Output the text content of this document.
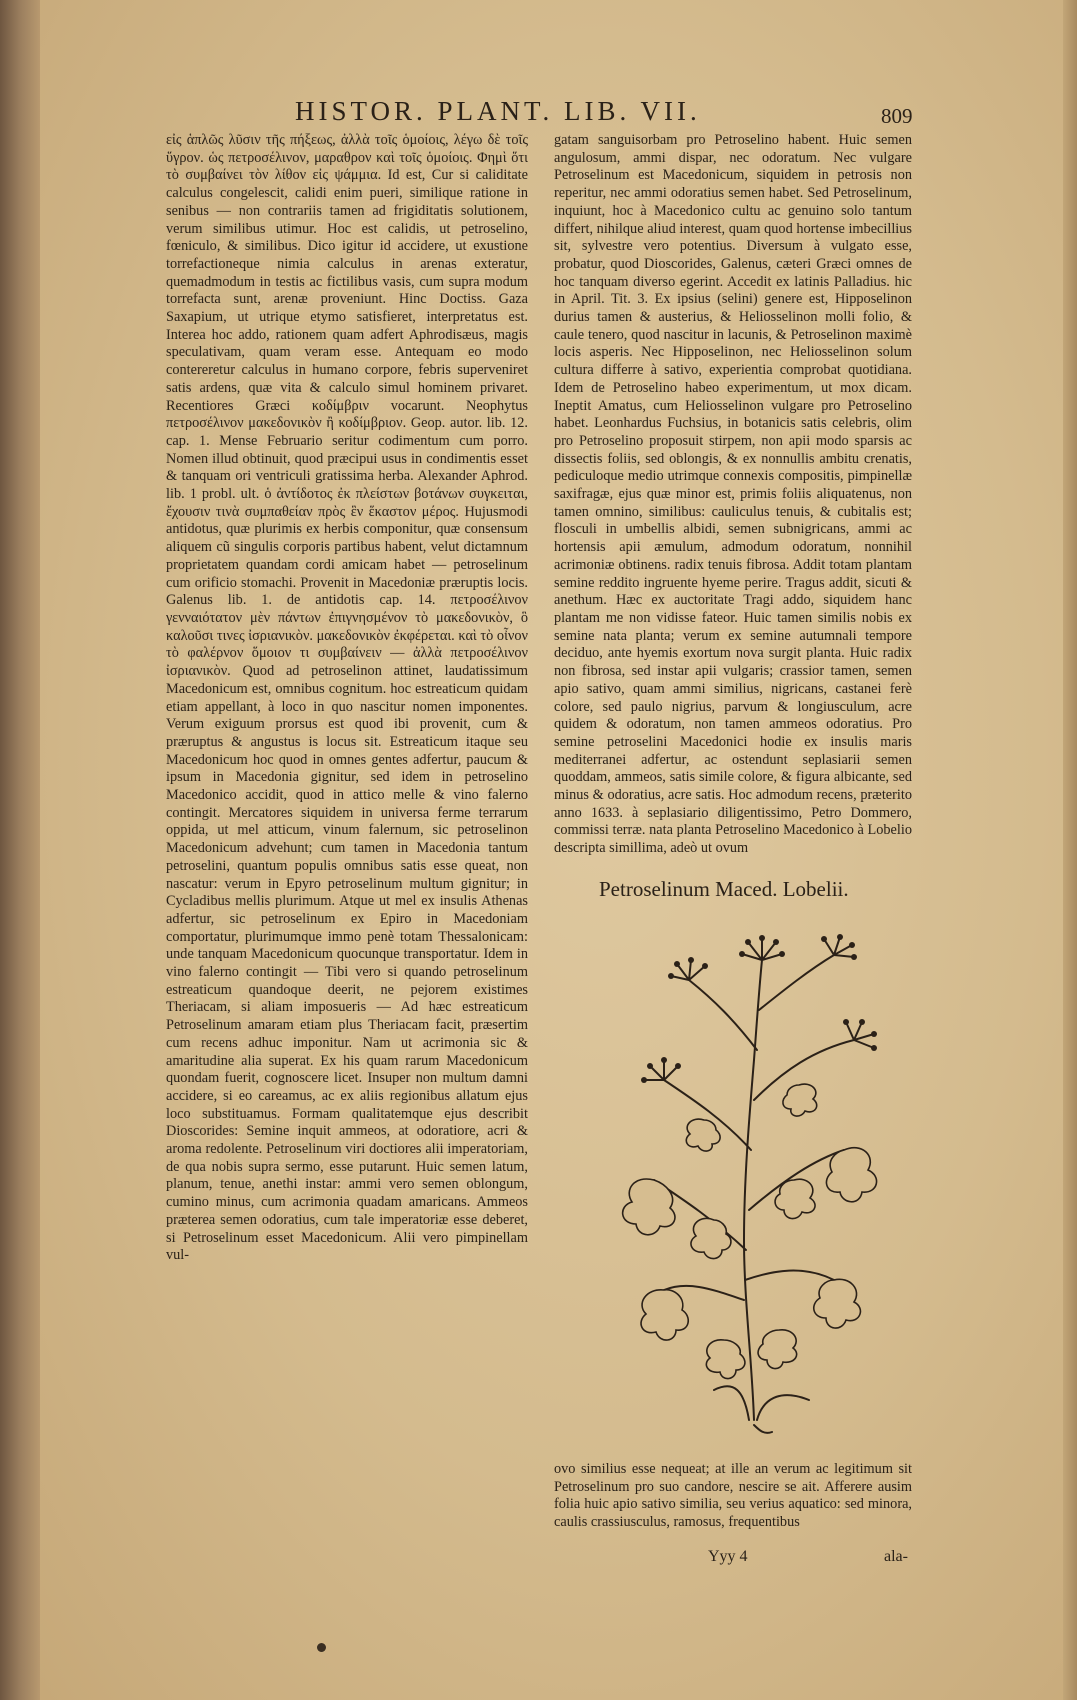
HISTOR. PLANT. LIB. VII.	809

εἰς ἁπλῶς λῦσιν τῆς πήξεως, ἀλλὰ τοῖς ὁμοίοις, λέγω δὲ τοῖς ὕγρον. ὡς πετροσέλινον, μαραθρον καὶ τοῖς ὁμοίοις. Φημὶ ὅτι τὸ συμβαίνει τὸν λίθον εἰς ψάμμια. Id est, Cur si caliditate calculus congelescit, calidi enim pueri, similique ratione in senibus — non contrariis tamen ad frigiditatis solutionem, verum similibus utimur. Hoc est calidis, ut petroselino, fœniculo, & similibus. Dico igitur id accidere, ut exustione torrefactioneque nimia calculus in arenas exteratur, quemadmodum in testis ac fictilibus vasis, cum supra modum torrefacta sunt, arenæ proveniunt. Hinc Doctiss. Gaza Saxapium, ut utrique etymo satisfieret, interpretatus est. Interea hoc addo, rationem quam adfert Aphrodisæus, magis speculativam, quam veram esse. Antequam eo modo contereretur calculus in humano corpore, febris superveniret satis ardens, quæ vita & calculo simul hominem privaret. Recentiores Græci κοδίμβριν vocarunt. Neophytus πετροσέλινον μακεδονικὸν ἢ κοδίμβριον. Geop. autor. lib. 12. cap. 1. Mense Februario seritur codimentum cum porro. Nomen illud obtinuit, quod præcipui usus in condimentis esset & tanquam ori ventriculi gratissima herba. Alexander Aphrod. lib. 1 probl. ult. ὁ ἀντίδοτος ἐκ πλείστων βοτάνων συγκειται, ἔχουσιν τινὰ συμπαθείαν πρὸς ἓν ἕκαστον μέρος. Hujusmodi antidotus, quæ plurimis ex herbis componitur, quæ consensum aliquem cũ singulis corporis partibus habent, velut dictamnum proprietatem quandam cordi amicam habet — petroselinum cum orificio stomachi. Provenit in Macedoniæ præruptis locis. Galenus lib. 1. de antidotis cap. 14. πετροσέλινον γενναιότατον μὲν πάντων ἐπιγνησμένον τὸ μακεδονικὸν, ὃ καλοῦσι τινες ἰσριανικὸν. μακεδονικὸν ἐκφέρεται. καὶ τὸ οἶνον τὸ φαλέρνον ὅμοιον τι συμβαίνειν — ἀλλὰ πετροσέλινον ἰσριανικὸν. Quod ad petroselinon attinet, laudatissimum Macedonicum est, omnibus cognitum. hoc estreaticum quidam etiam appellant, à loco in quo nascitur nomen imponentes. Verum exiguum prorsus est quod ibi provenit, cum & præruptus & angustus is locus sit. Estreaticum itaque seu Macedonicum hoc quod in omnes gentes adfertur, paucum & ipsum in Macedonia gignitur, sed idem in petroselino Macedonico accidit, quod in attico melle & vino falerno contingit. Mercatores siquidem in universa ferme terrarum oppida, ut mel atticum, vinum falernum, sic petroselinon Macedonicum advehunt; cum tamen in Macedonia tantum petroselini, quantum populis omnibus satis esse queat, non nascatur: verum in Epyro petroselinum multum gignitur; in Cycladibus mellis plurimum. Atque ut mel ex insulis Athenas adfertur, sic petroselinum ex Epiro in Macedoniam comportatur, plurimumque immo penè totam Thessalonicam: unde tanquam Macedonicum quocunque transportatur. Idem in vino falerno contingit — Tibi vero si quando petroselinum estreaticum quandoque deerit, ne pejorem existimes Theriacam, si aliam imposueris — Ad hæc estreaticum Petroselinum amaram etiam plus Theriacam facit, præsertim cum recens adhuc imponitur. Nam ut acrimonia sic & amaritudine alia superat. Ex his quam rarum Macedonicum quondam fuerit, cognoscere licet. Insuper non multum damni accidere, si eo careamus, ac ex aliis regionibus allatum ejus loco substituamus. Formam qualitatemque ejus describit Dioscorides: Semine inquit ammeos, at odoratiore, acri & aroma redolente. Petroselinum viri doctiores alii imperatoriam, de qua nobis supra sermo, esse putarunt. Huic semen latum, planum, tenue, anethi instar: ammi vero semen oblongum, cumino minus, cum acrimonia quadam amaricans. Ammeos præterea semen odoratius, cum tale imperatoriæ esse deberet, si Petroselinum esset Macedonicum. Alii vero pimpinellam vul-

gatam sanguisorbam pro Petroselino habent. Huic semen angulosum, ammi dispar, nec odoratum. Nec vulgare Petroselinum est Macedonicum, siquidem in petrosis non reperitur, nec ammi odoratius semen habet. Sed Petroselinum, inquiunt, hoc à Macedonico cultu ac genuino solo tantum differt, nihilque aliud interest, quam quod hortense imbecillius sit, sylvestre vero potentius. Diversum à vulgato esse, probatur, quod Dioscorides, Galenus, cæteri Græci omnes de hoc tanquam diverso egerint. Accedit ex latinis Palladius. hic in April. Tit. 3. Ex ipsius (selini) genere est, Hipposelinon durius tamen & austerius, & Heliosselinon molli folio, & caule tenero, quod nascitur in lacunis, & Petroselinon maximè locis asperis. Nec Hipposelinon, nec Heliosselinon solum cultura differre à sativo, experientia comprobat quotidiana. Idem de Petroselino habeo experimentum, ut mox dicam. Ineptit Amatus, cum Heliosselinon vulgare pro Petroselino habet. Leonhardus Fuchsius, in botanicis satis celebris, olim pro Petroselino proposuit stirpem, non apii modo sparsis ac dissectis foliis, sed oblongis, & ex nonnullis ambitu crenatis, pediculoque medio utrimque connexis compositis, pimpinellæ saxifragæ, ejus quæ minor est, primis foliis aliquatenus, non tamen omnino, similibus: cauliculus tenuis, & cubitalis est; flosculi in umbellis albidi, semen subnigricans, ammi ac hortensis apii æmulum, admodum odoratum, nonnihil acrimoniæ obtinens. radix tenuis fibrosa. Addit totam plantam semine reddito ingruente hyeme perire. Tragus addit, sicuti & anethum. Hæc ex auctoritate Tragi addo, siquidem hanc plantam me non vidisse fateor. Huic tamen similis nobis ex semine nata planta; verum ex semine autumnali tempore deciduo, ante hyemis exortum nova surgit planta. Huic radix non fibrosa, sed instar apii vulgaris; crassior tamen, semen apio sativo, quam ammi similius, nigricans, castanei ferè colore, sed paulo nigrius, parvum & longiusculum, acre quidem & odoratum, non tamen ammeos odoratius. Pro semine petroselini Macedonici hodie ex insulis maris mediterranei adfertur, ac ostendunt seplasiarii semen quoddam, ammeos, satis simile colore, & figura albicante, sed minus & odoratius, acre satis. Hoc admodum recens, præterito anno 1633. à seplasiario diligentissimo, Petro Dommero, commissi terræ. nata planta Petroselino Macedonico à Lobelio descripta simillima, adeò ut ovum

Petroselinum Maced. Lobelii.

ovo similius esse nequeat; at ille an verum ac legitimum sit Petroselinum pro suo candore, nescire se ait. Afferere ausim folia huic apio sativo similia, seu verius aquatico: sed minora, caulis crassiusculus, ramosus, frequentibus

Yyy 4	ala-
